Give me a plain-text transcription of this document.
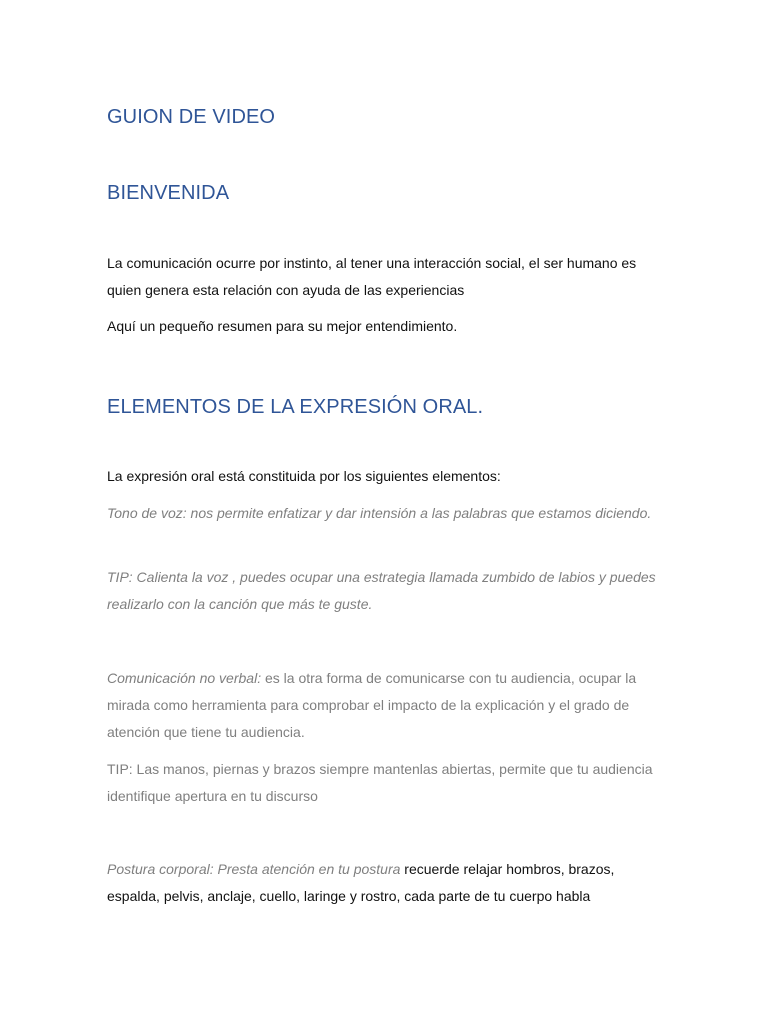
GUION DE VIDEO
BIENVENIDA

La comunicación ocurre por instinto, al tener una interacción social, el ser humano es quien genera esta relación con ayuda de las experiencias

Aquí un pequeño resumen para su mejor entendimiento.

ELEMENTOS DE LA EXPRESIÓN ORAL.

La expresión oral está constituida por los siguientes elementos:

Tono de voz: nos permite enfatizar y dar intensión a las palabras que estamos diciendo.

TIP: Calienta la voz , puedes ocupar una estrategia llamada zumbido de labios y puedes realizarlo con la canción que más te guste.

Comunicación no verbal: es la otra forma de comunicarse con tu audiencia, ocupar la mirada como herramienta para comprobar el impacto de la explicación y el grado de atención que tiene tu audiencia.

TIP: Las manos, piernas y brazos siempre mantenlas abiertas, permite que tu audiencia identifique apertura en tu discurso

Postura corporal: Presta atención en tu postura recuerde relajar hombros, brazos, espalda, pelvis, anclaje, cuello, laringe y rostro, cada parte de tu cuerpo habla
